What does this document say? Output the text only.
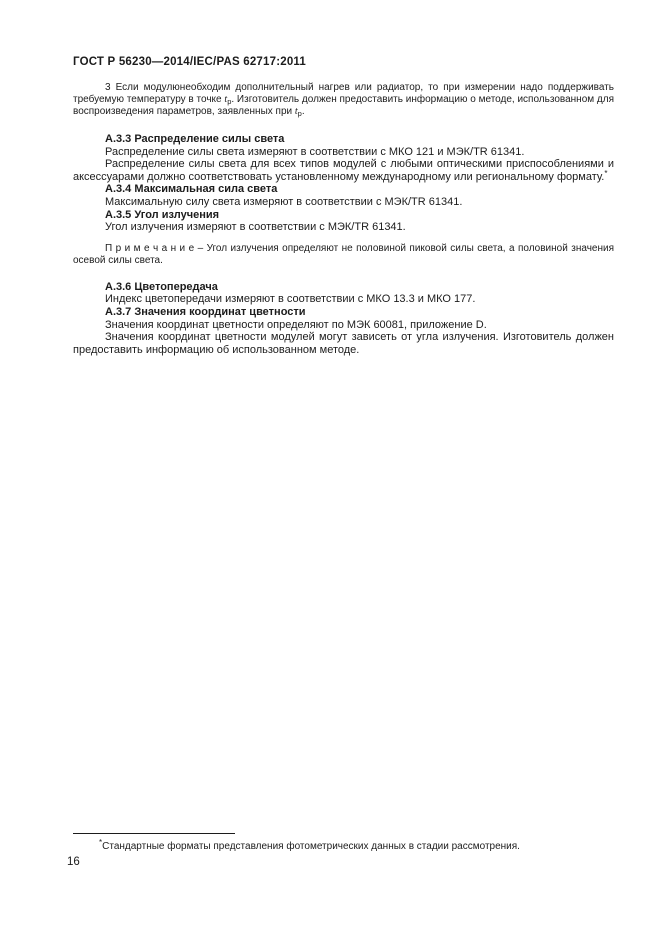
ГОСТ Р 56230—2014/IEC/PAS 62717:2011

3 Если модулюнеобходим дополнительный нагрев или радиатор, то при измерении надо поддерживать требуемую температуру в точке $t_p$. Изготовитель должен предоставить информацию о методе, использованном для воспроизведения параметров, заявленных при $t_p$.

А.3.3 Распределение силы света

Распределение силы света измеряют в соответствии с МКО 121 и МЭК/TR 61341.

Распределение силы света для всех типов модулей с любыми оптическими приспособлениями и аксессуарами должно соответствовать установленному международному или региональному формату.*

А.3.4 Максимальная сила света

Максимальную силу света измеряют в соответствии с МЭК/TR 61341.

А.3.5 Угол излучения

Угол излучения измеряют в соответствии с МЭК/TR 61341.

П р и м е ч а н и е – Угол излучения определяют не половиной пиковой силы света, а половиной значения осевой силы света.

А.3.6 Цветопередача

Индекс цветопередачи измеряют в соответствии с МКО 13.3 и МКО 177.

А.3.7 Значения координат цветности

Значения координат цветности определяют по МЭК 60081, приложение D.

Значения координат цветности модулей могут зависеть от угла излучения. Изготовитель должен предоставить информацию об использованном методе.

*Стандартные форматы представления фотометрических данных в стадии рассмотрения.

16
